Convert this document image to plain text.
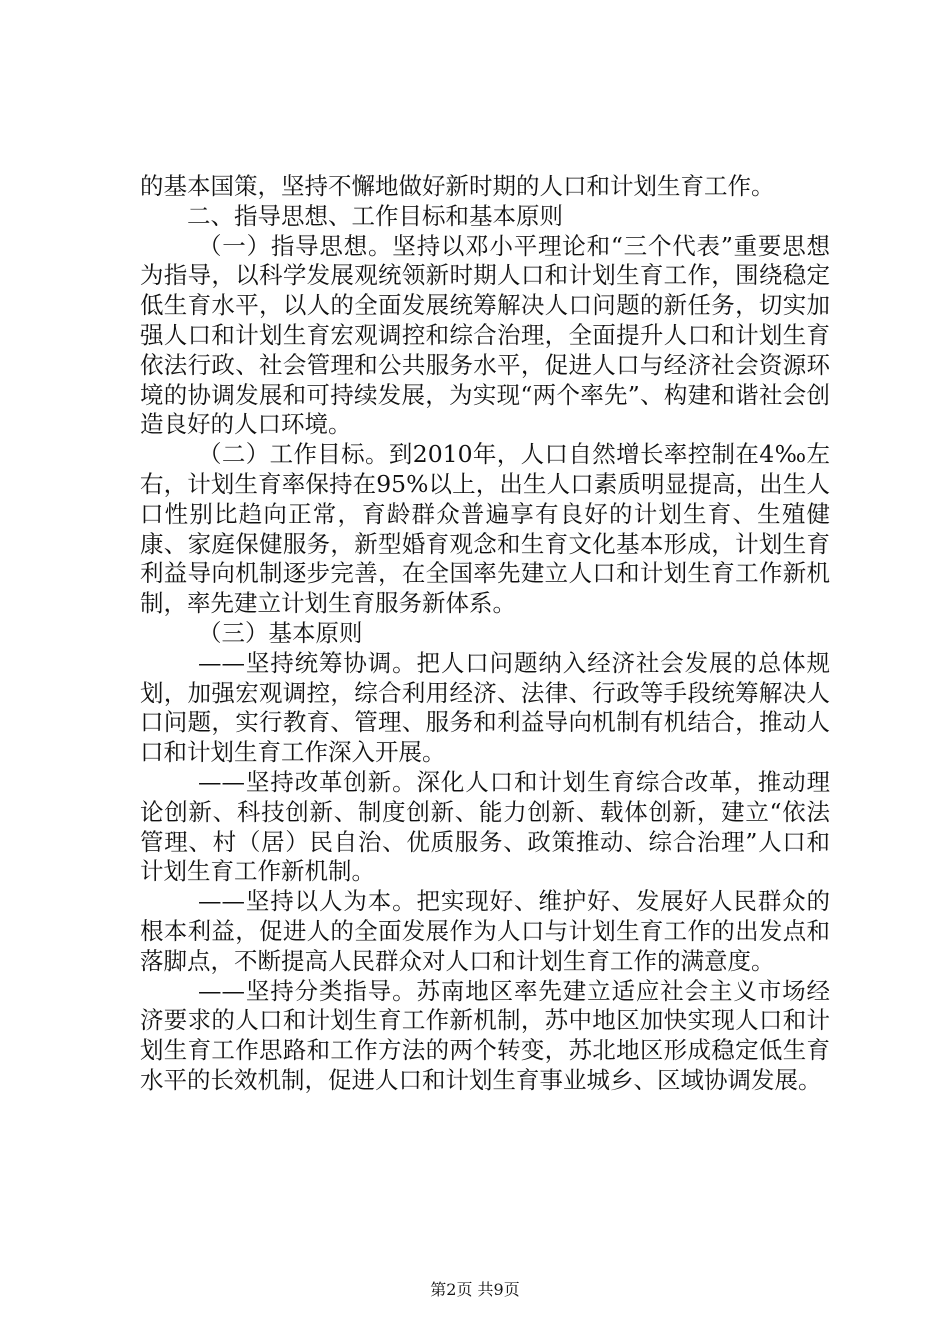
的基本国策，坚持不懈地做好新时期的人口和计划生育工作。

二、指导思想、工作目标和基本原则

（一）指导思想。坚持以邓小平理论和“三个代表”重要思想为指导，以科学发展观统领新时期人口和计划生育工作，围绕稳定低生育水平，以人的全面发展统筹解决人口问题的新任务，切实加强人口和计划生育宏观调控和综合治理，全面提升人口和计划生育依法行政、社会管理和公共服务水平，促进人口与经济社会资源环境的协调发展和可持续发展，为实现“两个率先”、构建和谐社会创造良好的人口环境。

（二）工作目标。到2010年，人口自然增长率控制在4‰左右，计划生育率保持在95%以上，出生人口素质明显提高，出生人口性别比趋向正常，育龄群众普遍享有良好的计划生育、生殖健康、家庭保健服务，新型婚育观念和生育文化基本形成，计划生育利益导向机制逐步完善，在全国率先建立人口和计划生育工作新机制，率先建立计划生育服务新体系。

（三）基本原则

——坚持统筹协调。把人口问题纳入经济社会发展的总体规划，加强宏观调控，综合利用经济、法律、行政等手段统筹解决人口问题，实行教育、管理、服务和利益导向机制有机结合，推动人口和计划生育工作深入开展。

——坚持改革创新。深化人口和计划生育综合改革，推动理论创新、科技创新、制度创新、能力创新、载体创新，建立“依法管理、村（居）民自治、优质服务、政策推动、综合治理”人口和计划生育工作新机制。

——坚持以人为本。把实现好、维护好、发展好人民群众的根本利益，促进人的全面发展作为人口与计划生育工作的出发点和落脚点，不断提高人民群众对人口和计划生育工作的满意度。

——坚持分类指导。苏南地区率先建立适应社会主义市场经济要求的人口和计划生育工作新机制，苏中地区加快实现人口和计划生育工作思路和工作方法的两个转变，苏北地区形成稳定低生育水平的长效机制，促进人口和计划生育事业城乡、区域协调发展。

第2页 共9页
